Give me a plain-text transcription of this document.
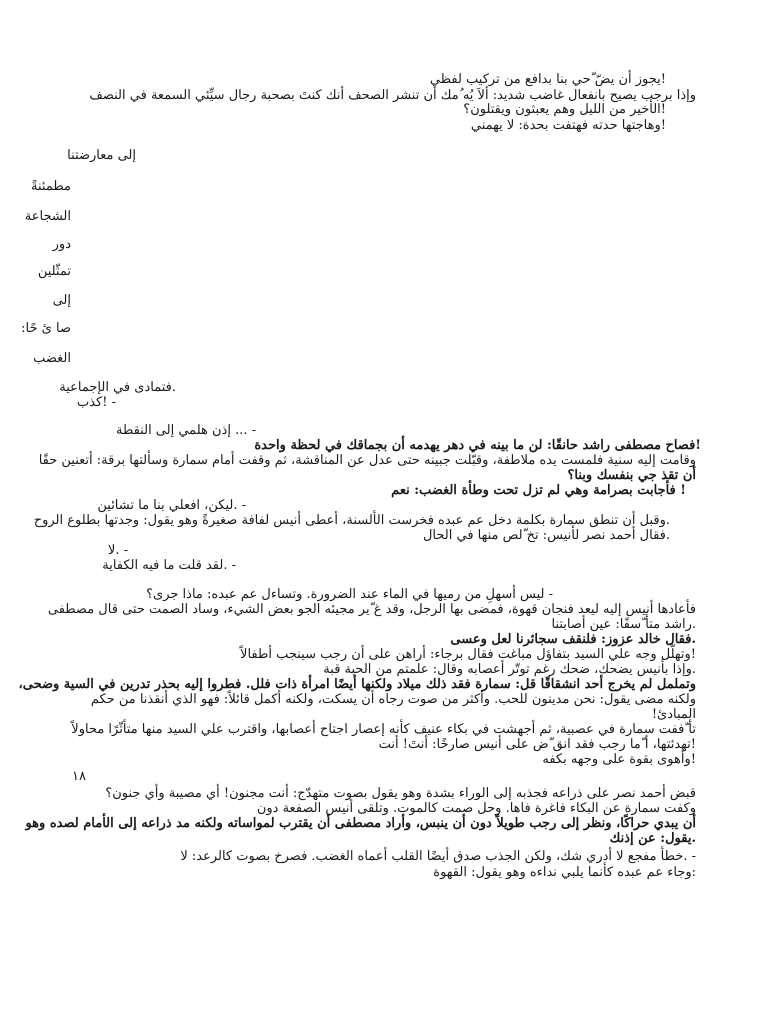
!يجوز أن يضّ ّحي بنا بدافع من تركيب لفظي
وإذا برجب يصيح بانفعال غاضب شديد: ألاَ يُه ُمك أن تنشر الصحف أنك كنتَ بصحبة رجال سيِّئي السمعة في النصف
!الأخير من الليل وهم يعبثون ويقتلون؟
!وهاجتها حدته فهتفت بحدة: لا يهمني
إلى معارضتنا
مطمئنةً
الشجاعة
دور
تمثّلين
إلى
صا ئ حًا:
الغضب
.فتمادى في الإجماعية
- !كذب
- ... إذن هلمي إلى النقطة
!فصاح مصطفى راشد حانقًا: لن ما بينه في دهر يهدمه أن بجماقك في لحظة واحدة
وقامت إليه سنية فلمست يده ملاطفة، وقبّلت جبينه حتى عدل عن المناقشة، ثم وقفت أمام سمارة وسألتها برقة: أتعنين حقًا
أن تقذ جي بنفسك وبنا؟
! فأجابت بصرامة وهي لم تزل تحت وطأة الغضب: نعم
- .ليكن، افعلي بنا ما تشائين
.وقبل أن تنطق سمارة بكلمة دخل عم عبده فخرست الألسنة، أعطى أنيس لفافة صغيرةً وهو يقول: وجدتها بطلوع الروح
.فقال أحمد نصر لأنيس: تخ ّلص منها في الحال
- .لا
- .لقد قلت ما فيه الكفاية
- ليس أسهلِ من رميها في الماء عند الضرورة. وتساءل عم عبده: ماذا جرى؟
فأعادها أنيس إليه ليعد فنجان قهوة، فمضى بها الرجل، وقد غ ّير مجيئه الجو بعض الشيء، وساد الصمت حتى قال مصطفى
.راشد متأ ّسفًا: عين أصابتنا
.فقال خالد عزوز: فلنقف سجائرنا لعل وعسى
!وتهلّل وجه علي السيد بتفاؤل مباغت فقال برجاء: أراهن على أن رجب سينجب أطفالاً
.وإذا بأنيس يضحك، ضحك رغم توتّر أعصابه وقال: علمتم من الحبة قبة
وتململ لم يخرج أحد انشقاقًا قل: سمارة فقد ذلك ميلاد ولكنها أيضًا امرأة ذات فلل. فطروا إليه بحذر تدرين في السية وضحى،
ولكنه مضى يقول: نحن مدينون للحب. وأكثر من صوت رجاه أن يسكت، ولكنه أكمل قائلاً: فهو الذي أنقذنا من حكم
المبادئ!
تأ ّففت سمارة في عصبية، ثم أجهشت في بكاء عنيف كأنه إعصار اجتاح أعصابها، واقترب علي السيد منها متأثّرًا محاولاً
!تهدئتها، أ ّما رجب فقد انق ّض على أنيس صارخًا: أنتَ! أنت
!وأهوى بقوة على وجهه بكفه
١٨
قبض أحمد نصر على ذراعه فجذبه إلى الوراء بشدة وهو يقول بصوت متهدّج: أنت مجنون! أي مصيبة وأي جنون؟
وكفت سمارة عن البكاء فاغرة فاها. وحل صمت كالموت. وتلقى أنيس الصفعة دون
أن يبدي حراكًا، ونظر إلى رجب طويلاً دون أن ينبس، وأراد مصطفى أن يقترب لمواساته ولكنه مد ذراعه إلى الأمام لصده وهو
.يقول: عن إذنك
- .خطأ مفجع لا أدري شك، ولكن الجذب صدق أيضًا القلب أعماه الغضب. فصرخ بصوت كالرعد: لا
:وجاء عم عبده كأنما يلبي نداءه وهو يقول: القهوة
